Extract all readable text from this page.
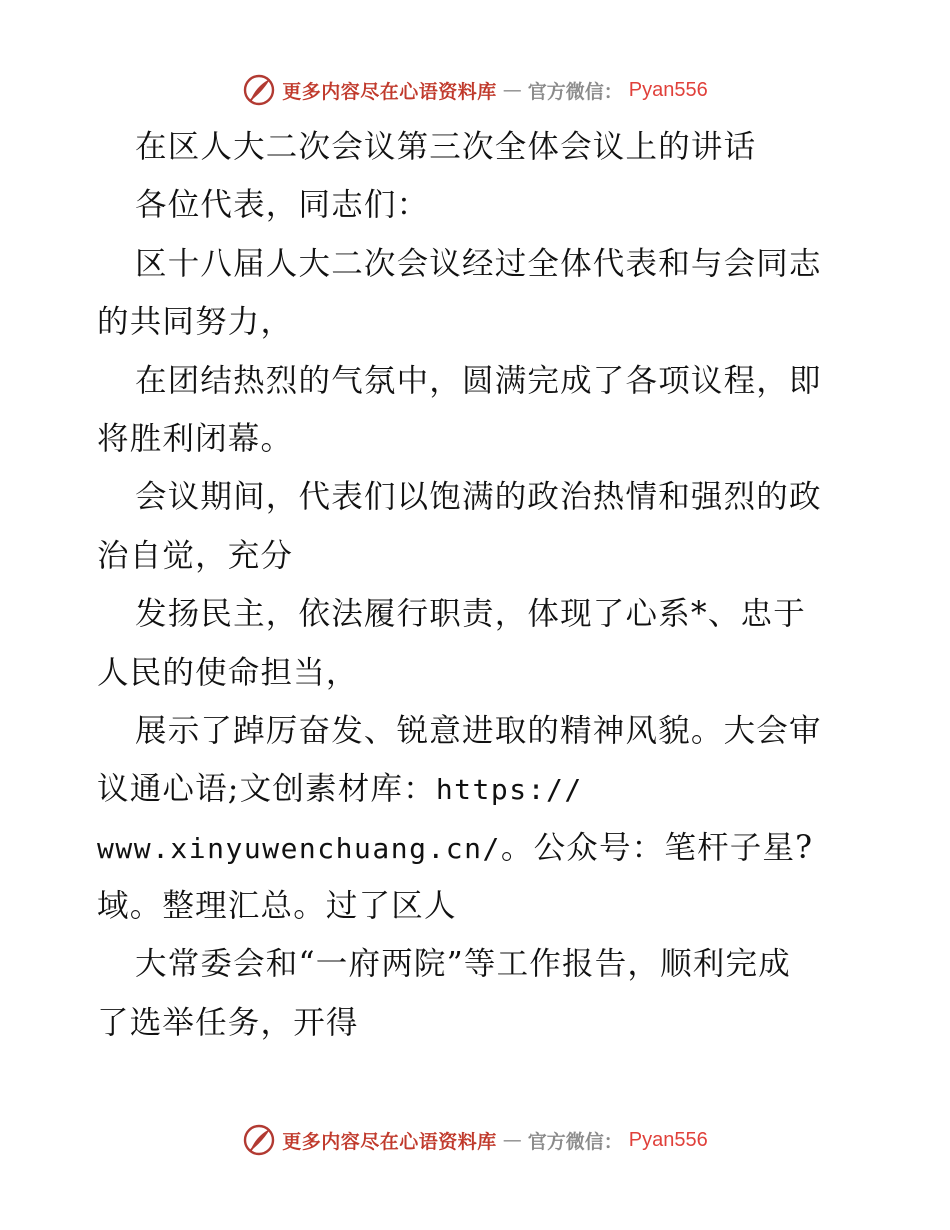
更多内容尽在心语资料库 — 官方微信： Pyan556
在区人大二次会议第三次全体会议上的讲话
各位代表，同志们：
区十八届人大二次会议经过全体代表和与会同志
的共同努力，
在团结热烈的气氛中，圆满完成了各项议程，即
将胜利闭幕。
会议期间，代表们以饱满的政治热情和强烈的政
治自觉，充分
发扬民主，依法履行职责，体现了心系*、忠于
人民的使命担当，
展示了踔厉奋发、锐意进取的精神风貌。大会审
议通心语;文创素材库：https://
www.xinyuwenchuang.cn/。公众号：笔杆子星?
域。整理汇总。过了区人
大常委会和“一府两院”等工作报告，顺利完成
了选举任务，开得
更多内容尽在心语资料库 — 官方微信： Pyan556
